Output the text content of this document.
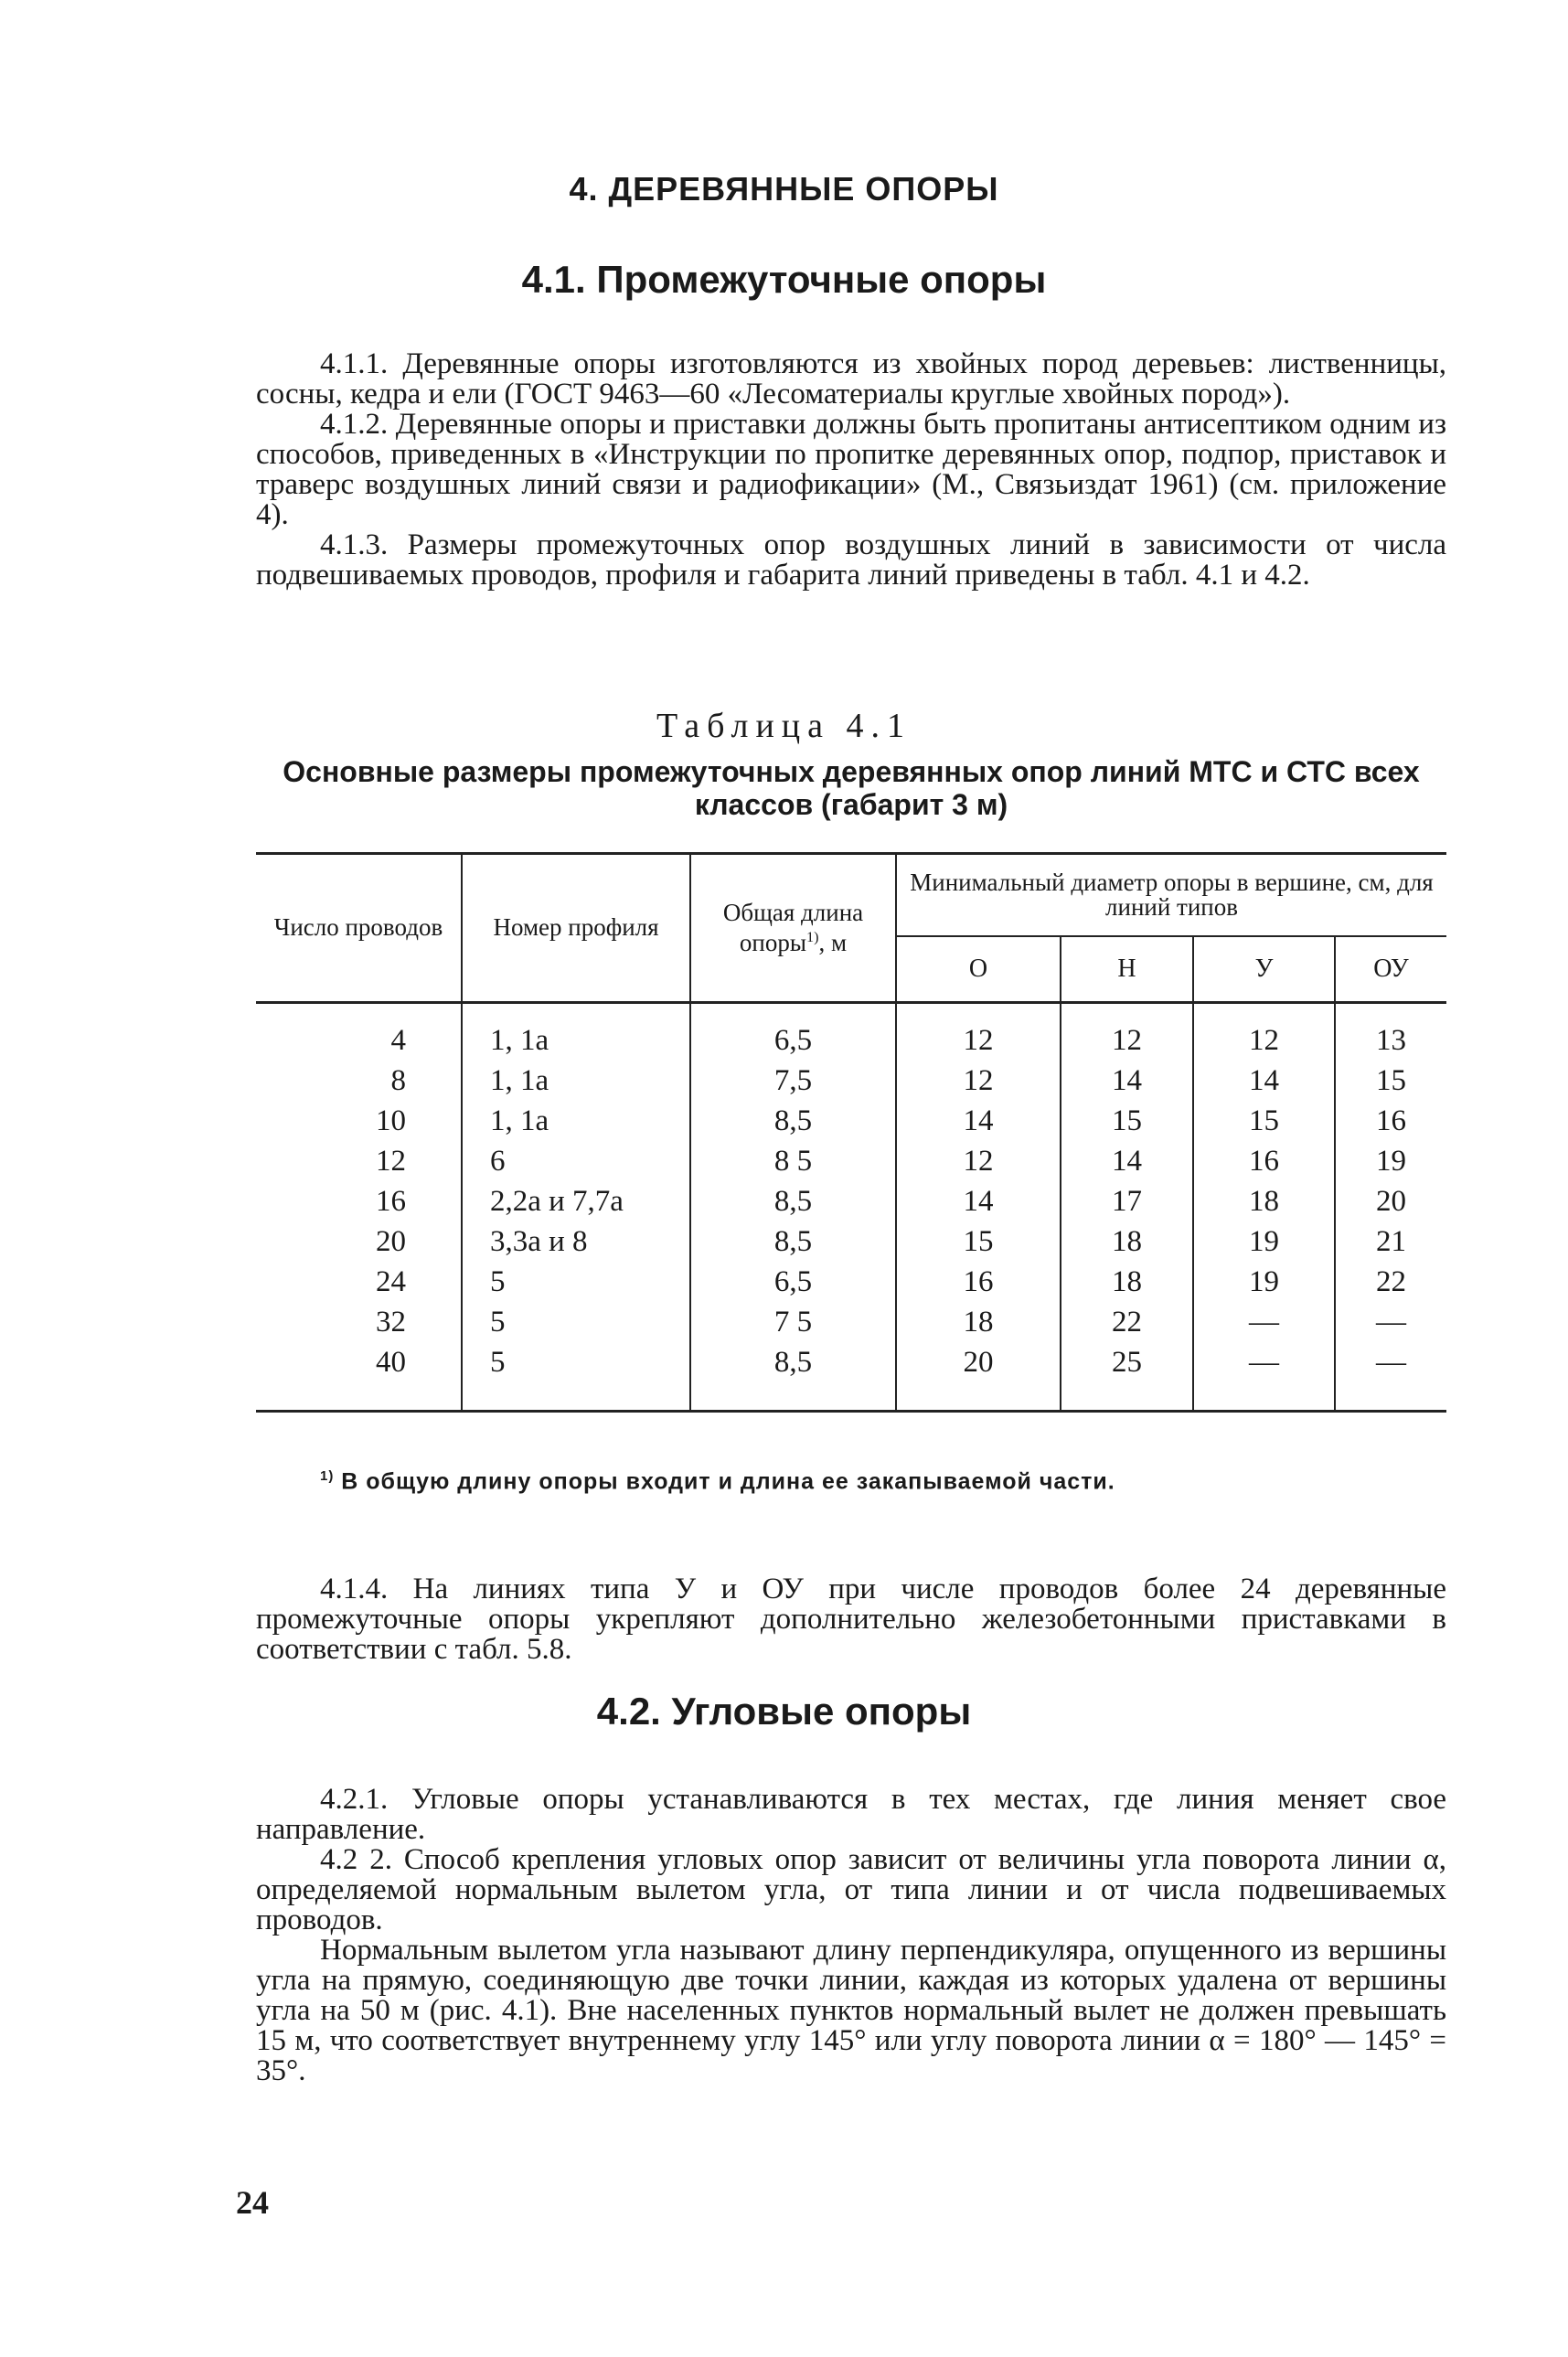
4. ДЕРЕВЯННЫЕ ОПОРЫ
4.1. Промежуточные опоры

4.1.1. Деревянные опоры изготовляются из хвойных пород деревьев: лиственницы, сосны, кедра и ели (ГОСТ 9463—60 «Лесоматериалы круглые хвойных пород»).

4.1.2. Деревянные опоры и приставки должны быть пропитаны антисептиком одним из способов, приведенных в «Инструкции по пропитке деревянных опор, подпор, приставок и траверс воздушных линий связи и радиофикации» (М., Связьиздат 1961) (см. приложение 4).

4.1.3. Размеры промежуточных опор воздушных линий в зависимости от числа подвешиваемых проводов, профиля и габарита линий приведены в табл. 4.1 и 4.2.

Таблица 4.1
Основные размеры промежуточных деревянных опор линий МТС и СТС всех классов (габарит 3 м)
Число проводов	Номер профиля	Общая длина опоры$^{1)}$, м	Минимальный диаметр опоры в вершине, см, для линий типов			
			О	Н	У	ОУ
4	1, 1а	6,5	12	12	12	13
8	1, 1а	7,5	12	14	14	15
10	1, 1а	8,5	14	15	15	16
12	6	8 5	12	14	16	19
16	2,2а и 7,7а	8,5	14	17	18	20
20	3,3а и 8	8,5	15	18	19	21
24	5	6,5	16	18	19	22
32	5	7 5	18	22	—	—
40	5	8,5	20	25	—	—
$^{1)}$ В общую длину опоры входит и длина ее закапываемой части.

4.1.4. На линиях типа У и ОУ при числе проводов более 24 деревянные промежуточные опоры укрепляют дополнительно железобетонными приставками в соответствии с табл. 5.8.

4.2. Угловые опоры

4.2.1. Угловые опоры устанавливаются в тех местах, где линия меняет свое направление.

4.2 2. Способ крепления угловых опор зависит от величины угла поворота линии α, определяемой нормальным вылетом угла, от типа линии и от числа подвешиваемых проводов.

Нормальным вылетом угла называют длину перпендикуляра, опущенного из вершины угла на прямую, соединяющую две точки линии, каждая из которых удалена от вершины угла на 50 м (рис. 4.1). Вне населенных пунктов нормальный вылет не должен превышать 15 м, что соответствует внутреннему углу 145° или углу поворота линии α = 180° — 145° = 35°.

24
